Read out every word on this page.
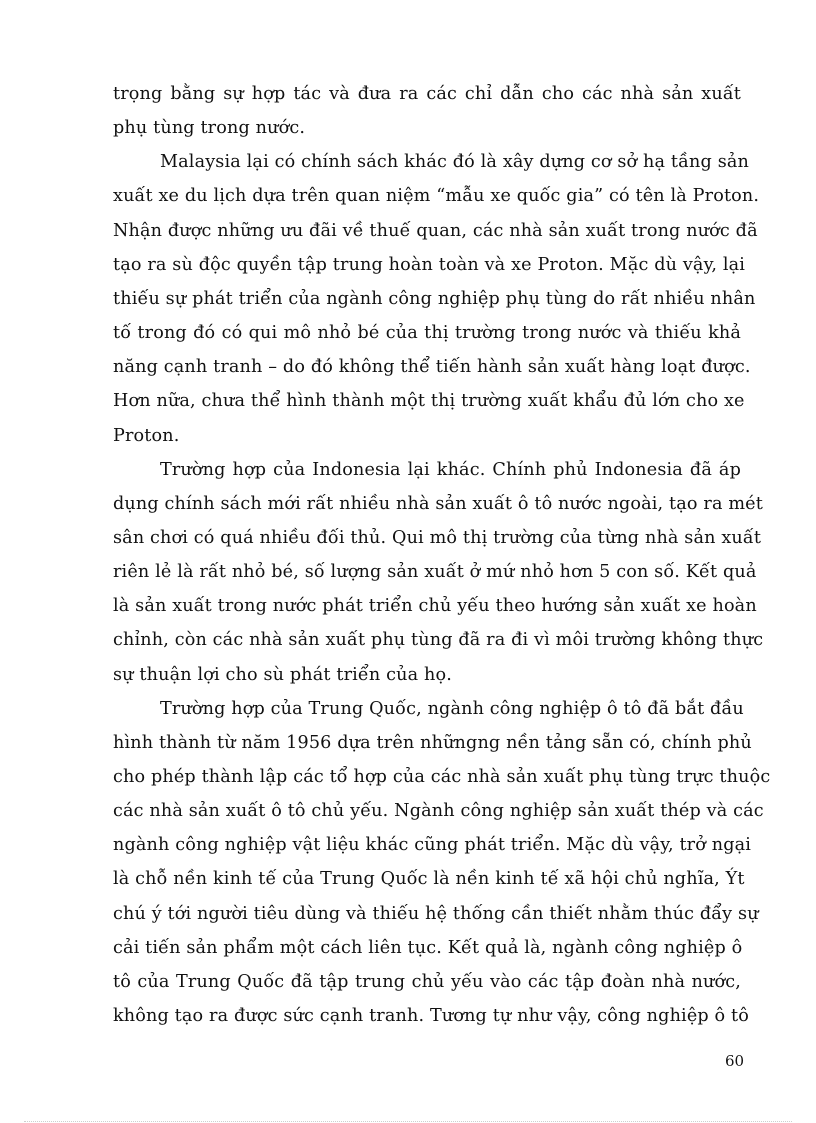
trọng bằng sự hợp tác và đưa ra các chỉ dẫn cho các nhà sản xuất
phụ tùng trong nước.
Malaysia lại có chính sách khác đó là xây dựng cơ sở hạ tầng sản
xuất xe du lịch dựa trên quan niệm “mẫu xe quốc gia” có tên là Proton.
Nhận được những ưu đãi về thuế quan, các nhà sản xuất trong nước đã
tạo ra sù độc quyền tập trung hoàn toàn và xe Proton. Mặc dù vậy, lại
thiếu sự phát triển của ngành công nghiệp phụ tùng do rất nhiều nhân
tố trong đó có qui mô nhỏ bé của thị trường trong nước và thiếu khả
năng cạnh tranh – do đó không thể tiến hành sản xuất hàng loạt được.
Hơn nữa, chưa thể hình thành một thị trường xuất khẩu đủ lớn cho xe
Proton.
Trường hợp của Indonesia lại khác. Chính phủ Indonesia đã áp
dụng chính sách mới rất nhiều nhà sản xuất ô tô nước ngoài, tạo ra mét
sân chơi có quá nhiều đối thủ. Qui mô thị trường của từng nhà sản xuất
riên lẻ là rất nhỏ bé, số lượng sản xuất ở mứ nhỏ hơn 5 con số. Kết quả
là sản xuất trong nước phát triển chủ yếu theo hướng sản xuất xe hoàn
chỉnh, còn các nhà sản xuất phụ tùng đã ra đi vì môi trường không thực
sự thuận lợi cho sù phát triển của họ.
Trường hợp của Trung Quốc, ngành công nghiệp ô tô đã bắt đầu
hình thành từ năm 1956 dựa trên nhữngng nền tảng sẵn có, chính phủ
cho phép thành lập các tổ hợp của các nhà sản xuất phụ tùng trực thuộc
các nhà sản xuất ô tô chủ yếu. Ngành công nghiệp sản xuất thép và các
ngành công nghiệp vật liệu khác cũng phát triển. Mặc dù vậy, trở ngại
là chỗ nền kinh tế của Trung Quốc là nền kinh tế xã hội chủ nghĩa, Ýt
chú ý tới người tiêu dùng và thiếu hệ thống cần thiết nhằm thúc đẩy sự
cải tiến sản phẩm một cách liên tục. Kết quả là, ngành công nghiệp ô
tô của Trung Quốc đã tập trung chủ yếu vào các tập đoàn nhà nước,
không tạo ra được sức cạnh tranh. Tương tự như vậy, công nghiệp ô tô
60
